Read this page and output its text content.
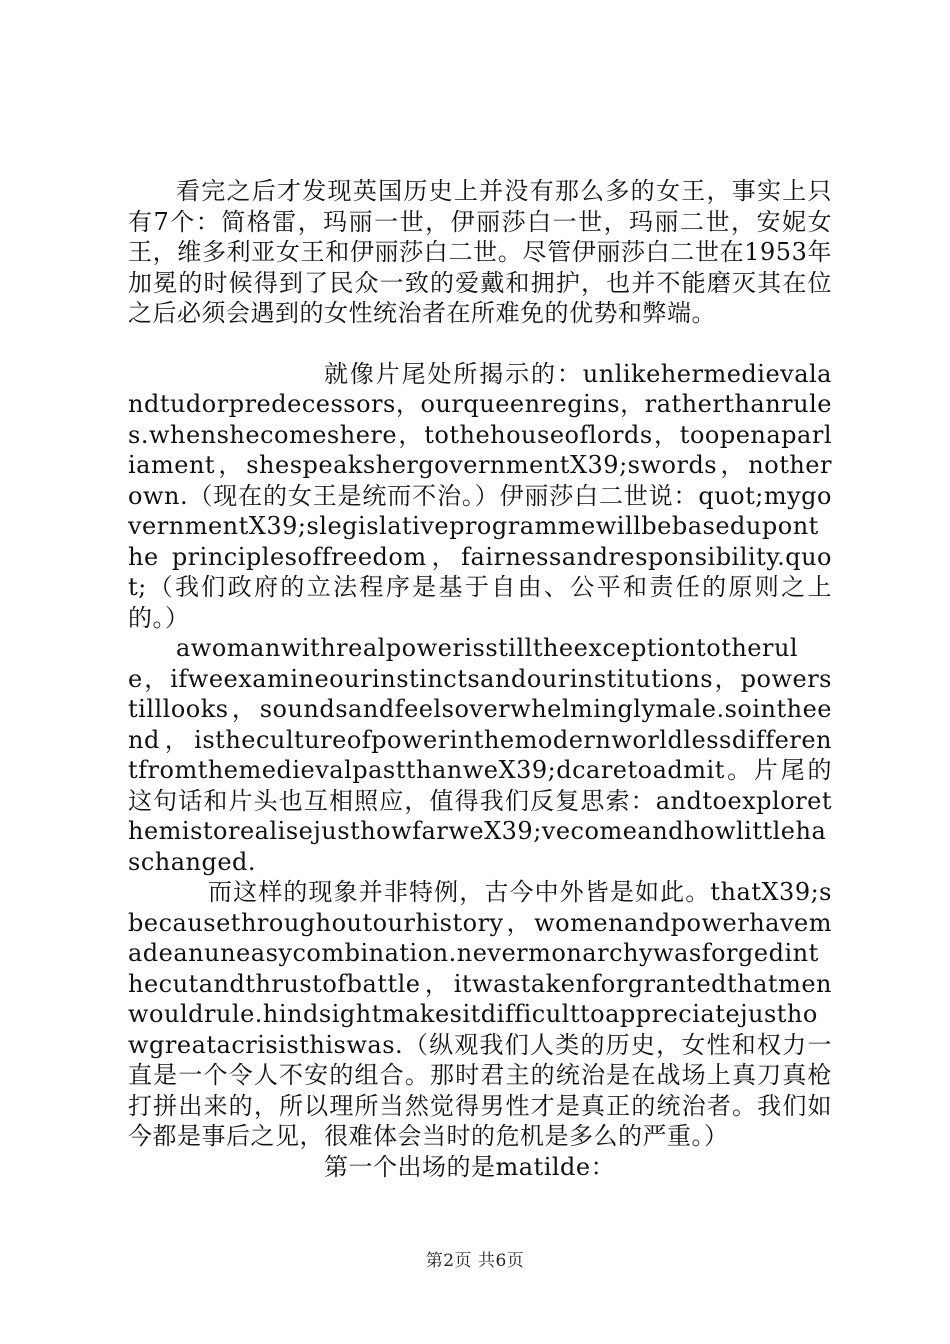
看完之后才发现英国历史上并没有那么多的女王，事实上只有7个：简格雷，玛丽一世，伊丽莎白一世，玛丽二世，安妮女王，维多利亚女王和伊丽莎白二世。尽管伊丽莎白二世在1953年加冕的时候得到了民众一致的爱戴和拥护，也并不能磨灭其在位之后必须会遇到的女性统治者在所难免的优势和弊端。

就像片尾处所揭示的：unlikehermedievalandtudorpredecessors，ourqueenregins，ratherthanrules.whenshecomeshere，tothehouseoflords，toopenaparliament，shespeakshergovernmentX39;swords，notherown.（现在的女王是统而不治。）伊丽莎白二世说：quot;mygovernmentX39;slegislativeprogrammewillbebaseduponthe principlesoffreedom，fairnessandresponsibility.quot;（我们政府的立法程序是基于自由、公平和责任的原则之上的。）

awomanwithrealpowerisstilltheexceptiontotherule，ifweexamineourinstinctsandourinstitutions，powerstilllooks，soundsandfeelsoverwhelminglymale.sointheend，isthecultureofpowerinthemodernworldlessdifferentfromthemedievalpastthanweX39;dcaretoadmit。片尾的这句话和片头也互相照应，值得我们反复思索：andtoexplorethemistorealisejusthowfarweX39;vecomeandhowlittlehaschanged.

而这样的现象并非特例，古今中外皆是如此。thatX39;sbecausethroughoutourhistory，womenandpowerhavemadeanuneasycombination.nevermonarchywasforgedinthecutandthrustofbattle，itwastakenforgrantedthatmenwouldrule.hindsightmakesitdifficulttoappreciatejusthowgreatacrisisthiswas.（纵观我们人类的历史，女性和权力一直是一个令人不安的组合。那时君主的统治是在战场上真刀真枪打拼出来的，所以理所当然觉得男性才是真正的统治者。我们如今都是事后之见，很难体会当时的危机是多么的严重。）

第一个出场的是matilde：

第2页 共6页
